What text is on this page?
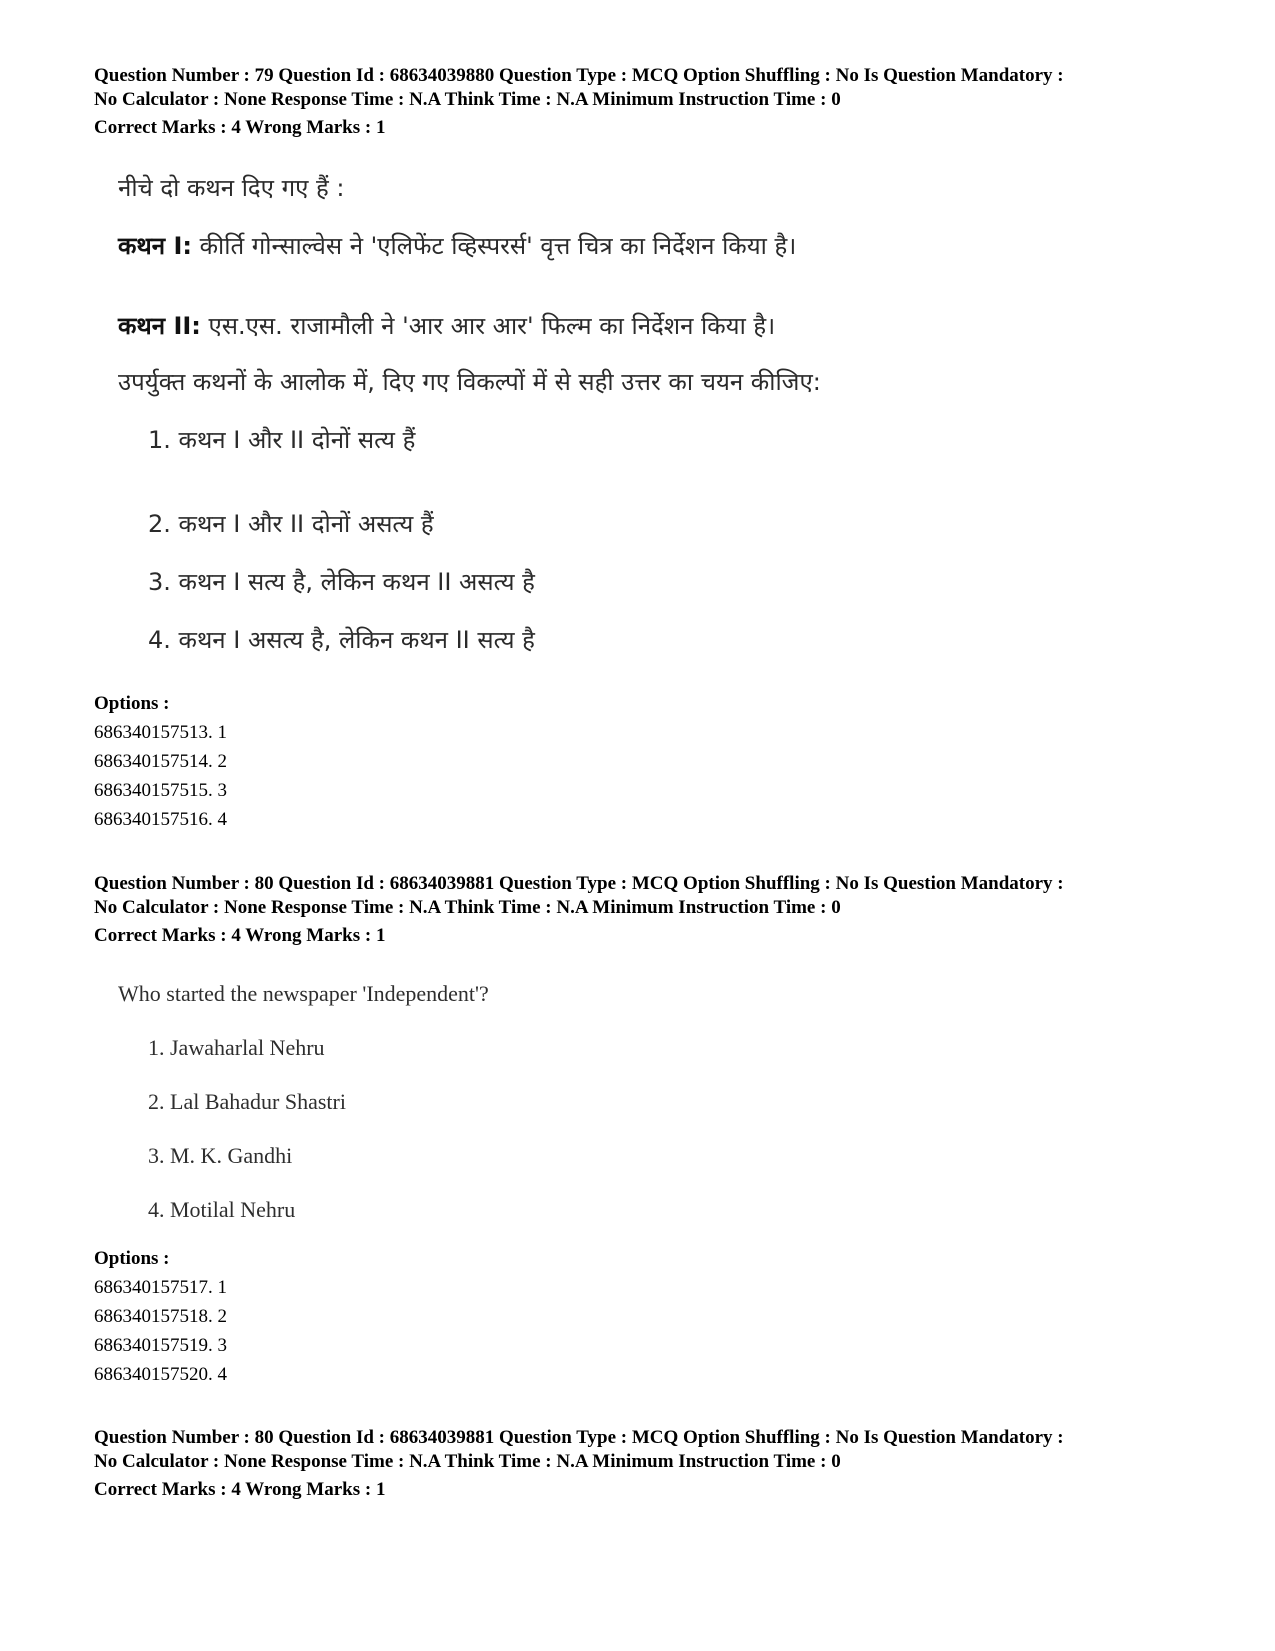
Question Number : 79 Question Id : 68634039880 Question Type : MCQ Option Shuffling : No Is Question Mandatory :
No Calculator : None Response Time : N.A Think Time : N.A Minimum Instruction Time : 0
Correct Marks : 4 Wrong Marks : 1
नीचे दो कथन दिए गए हैं :
कथन I: कीर्ति गोन्साल्वेस ने 'एलिफेंट व्हिस्परर्स' वृत्त चित्र का निर्देशन किया है।
कथन II: एस.एस. राजामौली ने 'आर आर आर' फिल्म का निर्देशन किया है।
उपर्युक्त कथनों के आलोक में, दिए गए विकल्पों में से सही उत्तर का चयन कीजिए:
1. कथन I और II दोनों सत्य हैं
2. कथन I और II दोनों असत्य हैं
3. कथन I सत्य है, लेकिन कथन II असत्य है
4. कथन I असत्य है, लेकिन कथन II सत्य है
Options :
686340157513. 1
686340157514. 2
686340157515. 3
686340157516. 4
Question Number : 80 Question Id : 68634039881 Question Type : MCQ Option Shuffling : No Is Question Mandatory :
No Calculator : None Response Time : N.A Think Time : N.A Minimum Instruction Time : 0
Correct Marks : 4 Wrong Marks : 1
Who started the newspaper 'Independent'?
1. Jawaharlal Nehru
2. Lal Bahadur Shastri
3. M. K. Gandhi
4. Motilal Nehru
Options :
686340157517. 1
686340157518. 2
686340157519. 3
686340157520. 4
Question Number : 80 Question Id : 68634039881 Question Type : MCQ Option Shuffling : No Is Question Mandatory :
No Calculator : None Response Time : N.A Think Time : N.A Minimum Instruction Time : 0
Correct Marks : 4 Wrong Marks : 1
